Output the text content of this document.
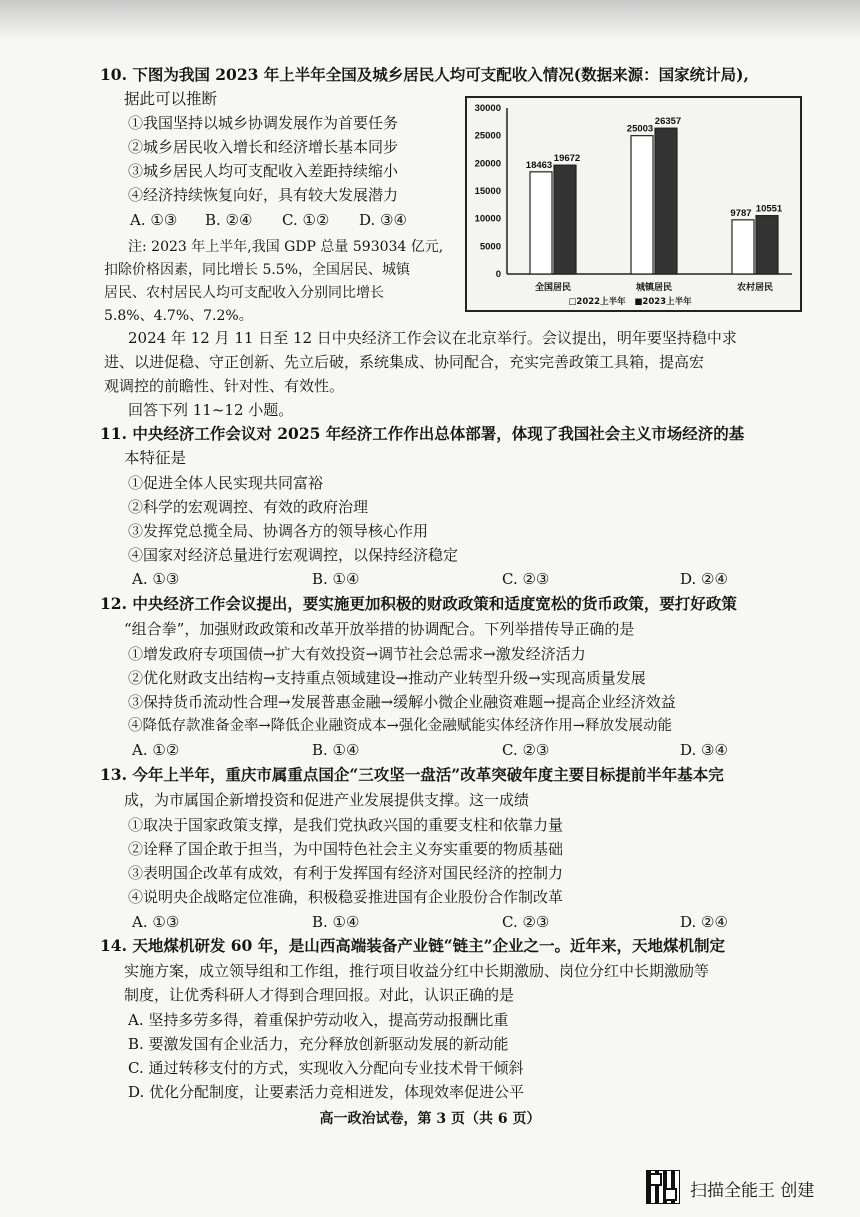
10. 下图为我国 2023 年上半年全国及城乡居民人均可支配收入情况(数据来源：国家统计局),
据此可以推断
①我国坚持以城乡协调发展作为首要任务
②城乡居民收入增长和经济增长基本同步
③城乡居民人均可支配收入差距持续缩小
④经济持续恢复向好，具有较大发展潜力
A. ①③ B. ②④ C. ①② D. ③④
注: 2023 年上半年,我国 GDP 总量 593034 亿元,
扣除价格因素，同比增长 5.5%，全国居民、城镇
居民、农村居民人均可支配收入分别同比增长
5.8%、4.7%、7.2%。
0
5000
10000
15000
20000
25000
30000
18463
19672
全国居民
25003
26357
城镇居民
9787 10551
农村居民
□2022上半年 ■2023上半年
2024 年 12 月 11 日至 12 日中央经济工作会议在北京举行。会议提出，明年要坚持稳中求
进、以进促稳、守正创新、先立后破，系统集成、协同配合，充实完善政策工具箱，提高宏
观调控的前瞻性、针对性、有效性。
回答下列 11~12 小题。
11. 中央经济工作会议对 2025 年经济工作作出总体部署，体现了我国社会主义市场经济的基
本特征是
①促进全体人民实现共同富裕
②科学的宏观调控、有效的政府治理
③发挥党总揽全局、协调各方的领导核心作用
④国家对经济总量进行宏观调控，以保持经济稳定
A. ①③	B. ①④	C. ②③	D. ②④
12. 中央经济工作会议提出，要实施更加积极的财政政策和适度宽松的货币政策，要打好政策
“组合拳”，加强财政政策和改革开放举措的协调配合。下列举措传导正确的是
①增发政府专项国债→扩大有效投资→调节社会总需求→激发经济活力
②优化财政支出结构→支持重点领域建设→推动产业转型升级→实现高质量发展
③保持货币流动性合理→发展普惠金融→缓解小微企业融资难题→提高企业经济效益
④降低存款准备金率→降低企业融资成本→强化金融赋能实体经济作用→释放发展动能
A. ①②	B. ①④	C. ②③	D. ③④
13. 今年上半年，重庆市属重点国企“三攻坚一盘活”改革突破年度主要目标提前半年基本完
成，为市属国企新增投资和促进产业发展提供支撑。这一成绩
①取决于国家政策支撑，是我们党执政兴国的重要支柱和依靠力量
②诠释了国企敢于担当，为中国特色社会主义夯实重要的物质基础
③表明国企改革有成效，有利于发挥国有经济对国民经济的控制力
④说明央企战略定位准确，积极稳妥推进国有企业股份合作制改革
A. ①③	B. ①④	C. ②③	D. ②④
14. 天地煤机研发 60 年，是山西高端装备产业链“链主”企业之一。近年来，天地煤机制定
实施方案，成立领导组和工作组，推行项目收益分红中长期激励、岗位分红中长期激励等
制度，让优秀科研人才得到合理回报。对此，认识正确的是
A. 坚持多劳多得，着重保护劳动收入，提高劳动报酬比重
B. 要激发国有企业活力，充分释放创新驱动发展的新动能
C. 通过转移支付的方式，实现收入分配向专业技术骨干倾斜
D. 优化分配制度，让要素活力竞相迸发，体现效率促进公平
高一政治试卷，第 3 页（共 6 页）
扫描全能王 创建
